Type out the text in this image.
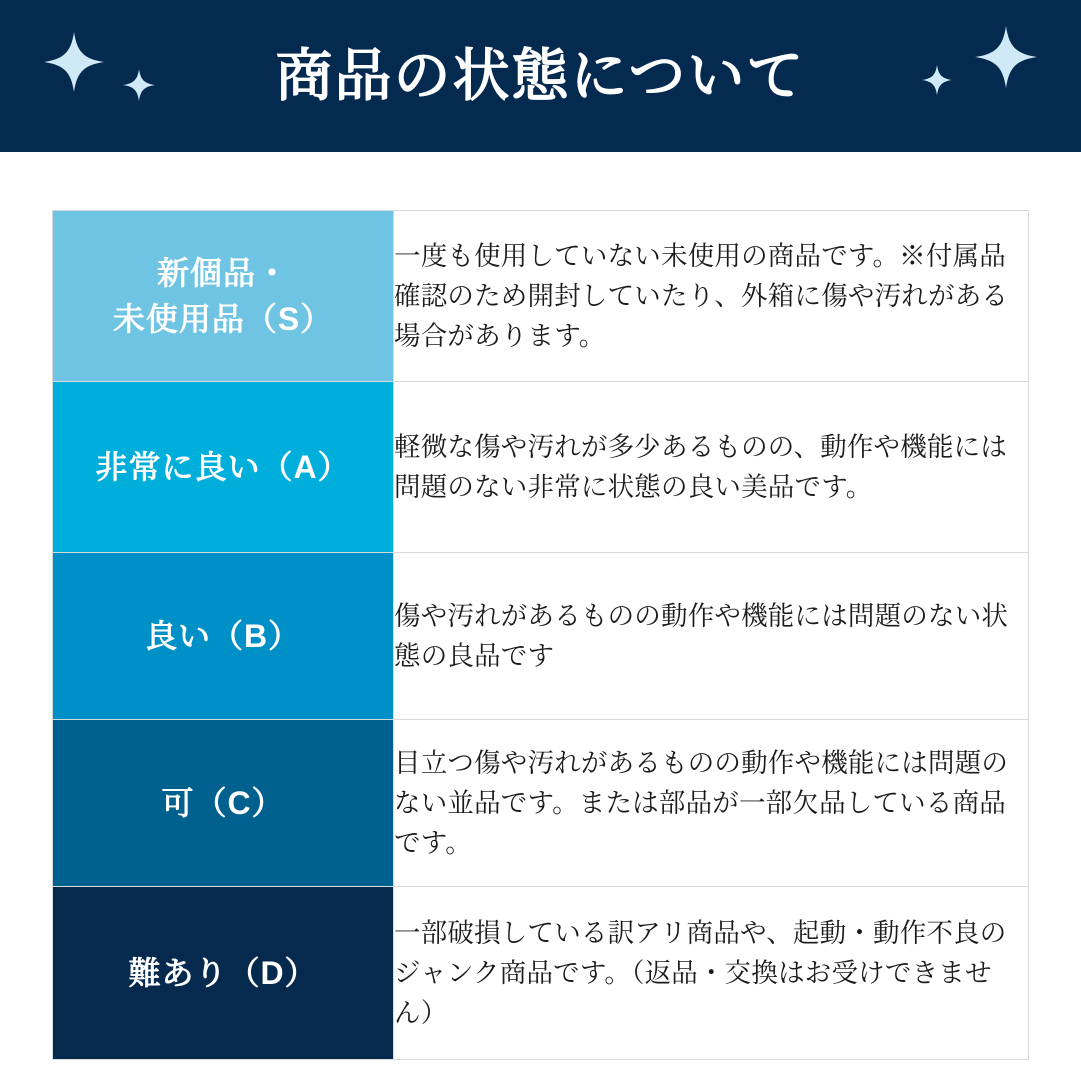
商品の状態について
新個品・
未使用品（S）	一度も使用していない未使用の商品です。※付属品確認のため開封していたり、外箱に傷や汚れがある場合があります。

非常に良い（A）	軽微な傷や汚れが多少あるものの、動作や機能には問題のない非常に状態の良い美品です。

良い（B）	傷や汚れがあるものの動作や機能には問題のない状態の良品です

可（C）	目立つ傷や汚れがあるものの動作や機能には問題のない並品です。または部品が一部欠品している商品です。

難あり（D）	一部破損している訳アリ商品や、起動・動作不良のジャンク商品です。（返品・交換はお受けできません）
